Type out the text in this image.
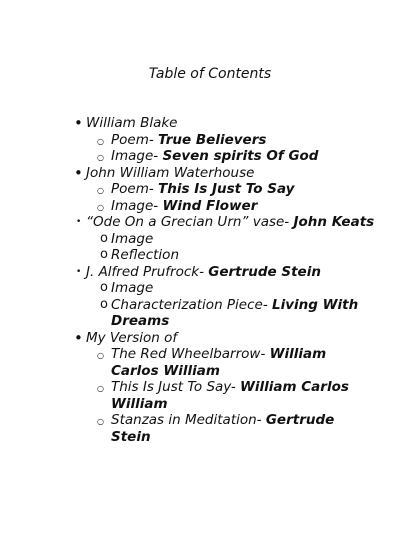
Table of Contents
• William Blake
○ Poem- True Believers
○ Image- Seven spirits Of God
• John William Waterhouse
○ Poem- This Is Just To Say
○ Image- Wind Flower
• “Ode On a Grecian Urn” vase- John Keats
o Image
o Reflection
• J. Alfred Prufrock- Gertrude Stein
o Image
o Characterization Piece- Living With Dreams
• My Version of
○ The Red Wheelbarrow- William Carlos William
○ This Is Just To Say- William Carlos William
○ Stanzas in Meditation- Gertrude Stein
